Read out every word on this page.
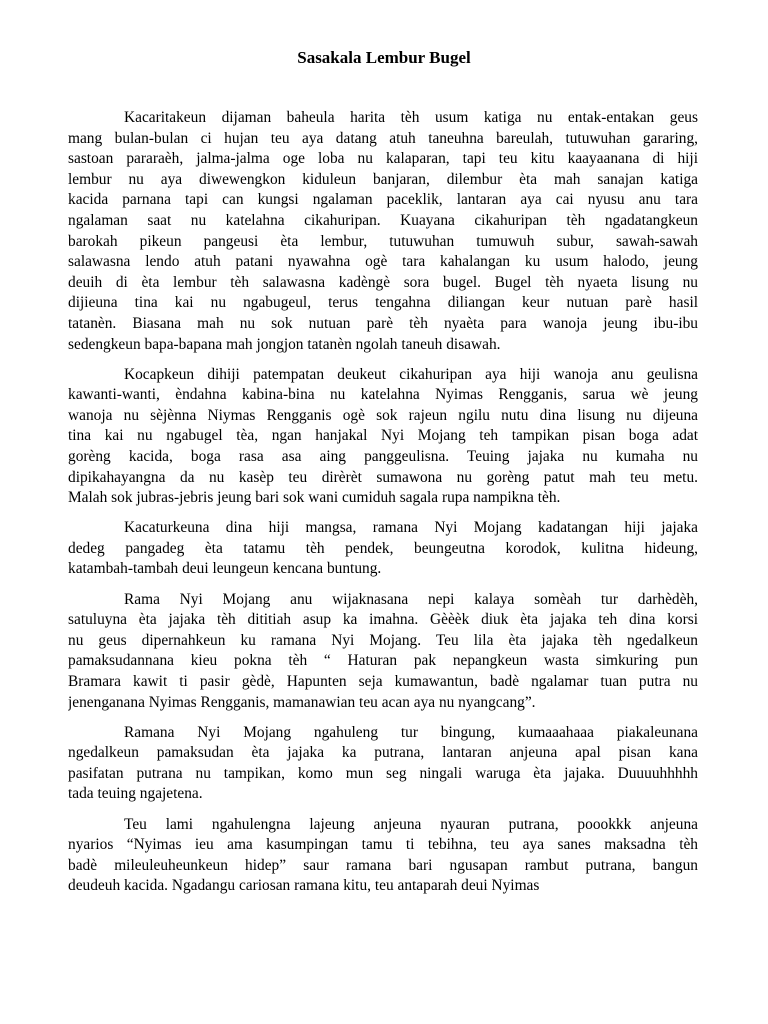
Sasakala Lembur Bugel
Kacaritakeun dijaman baheula harita tèh usum katiga nu entak-entakan geus
mang bulan-bulan ci hujan teu aya datang atuh taneuhna bareulah, tutuwuhan gararing,
sastoan pararaèh, jalma-jalma oge loba nu kalaparan, tapi teu kitu kaayaanana di hiji
lembur nu aya diwewengkon kiduleun banjaran, dilembur èta mah sanajan katiga
kacida parnana tapi can kungsi ngalaman paceklik, lantaran aya cai nyusu anu tara
ngalaman saat nu katelahna cikahuripan. Kuayana cikahuripan tèh ngadatangkeun
barokah pikeun pangeusi èta lembur, tutuwuhan tumuwuh subur, sawah-sawah
salawasna lendo atuh patani nyawahna ogè tara kahalangan ku usum halodo, jeung
deuih di èta lembur tèh salawasna kadèngè sora bugel. Bugel tèh nyaeta lisung nu
dijieuna tina kai nu ngabugeul, terus tengahna diliangan keur nutuan parè hasil
tatanèn. Biasana mah nu sok nutuan parè tèh nyaèta para wanoja jeung ibu-ibu
sedengkeun bapa-bapana mah jongjon tatanèn ngolah taneuh disawah.
Kocapkeun dihiji patempatan deukeut cikahuripan aya hiji wanoja anu geulisna
kawanti-wanti, èndahna kabina-bina nu katelahna Nyimas Rengganis, sarua wè jeung
wanoja nu sèjènna Niymas Rengganis ogè sok rajeun ngilu nutu dina lisung nu dijeuna
tina kai nu ngabugel tèa, ngan hanjakal Nyi Mojang teh tampikan pisan boga adat
gorèng kacida, boga rasa asa aing panggeulisna. Teuing jajaka nu kumaha nu
dipikahayangna da nu kasèp teu dirèrèt sumawona nu gorèng patut mah teu metu.
Malah sok jubras-jebris jeung bari sok wani cumiduh sagala rupa nampikna tèh.
Kacaturkeuna dina hiji mangsa, ramana Nyi Mojang kadatangan hiji jajaka
dedeg pangadeg èta tatamu tèh pendek, beungeutna korodok, kulitna hideung,
katambah-tambah deui leungeun kencana buntung.
Rama Nyi Mojang anu wijaknasana nepi kalaya somèah tur darhèdèh,
satuluyna èta jajaka tèh dititiah asup ka imahna. Gèèèk diuk èta jajaka teh dina korsi
nu geus dipernahkeun ku ramana Nyi Mojang. Teu lila èta jajaka tèh ngedalkeun
pamaksudannana kieu pokna tèh “ Haturan pak nepangkeun wasta simkuring pun
Bramara kawit ti pasir gèdè, Hapunten seja kumawantun, badè ngalamar tuan putra nu
jenenganana Nyimas Rengganis, mamanawian teu acan aya nu nyangcang”.
Ramana Nyi Mojang ngahuleng tur bingung, kumaaahaaa piakaleunana
ngedalkeun pamaksudan èta jajaka ka putrana, lantaran anjeuna apal pisan kana
pasifatan putrana nu tampikan, komo mun seg ningali waruga èta jajaka. Duuuuhhhhh
tada teuing ngajetena.
Teu lami ngahulengna lajeung anjeuna nyauran putrana, poookkk anjeuna
nyarios “Nyimas ieu ama kasumpingan tamu ti tebihna, teu aya sanes maksadna tèh
badè mileuleuheunkeun hidep” saur ramana bari ngusapan rambut putrana, bangun
deudeuh kacida. Ngadangu cariosan ramana kitu, teu antaparah deui Nyimas
